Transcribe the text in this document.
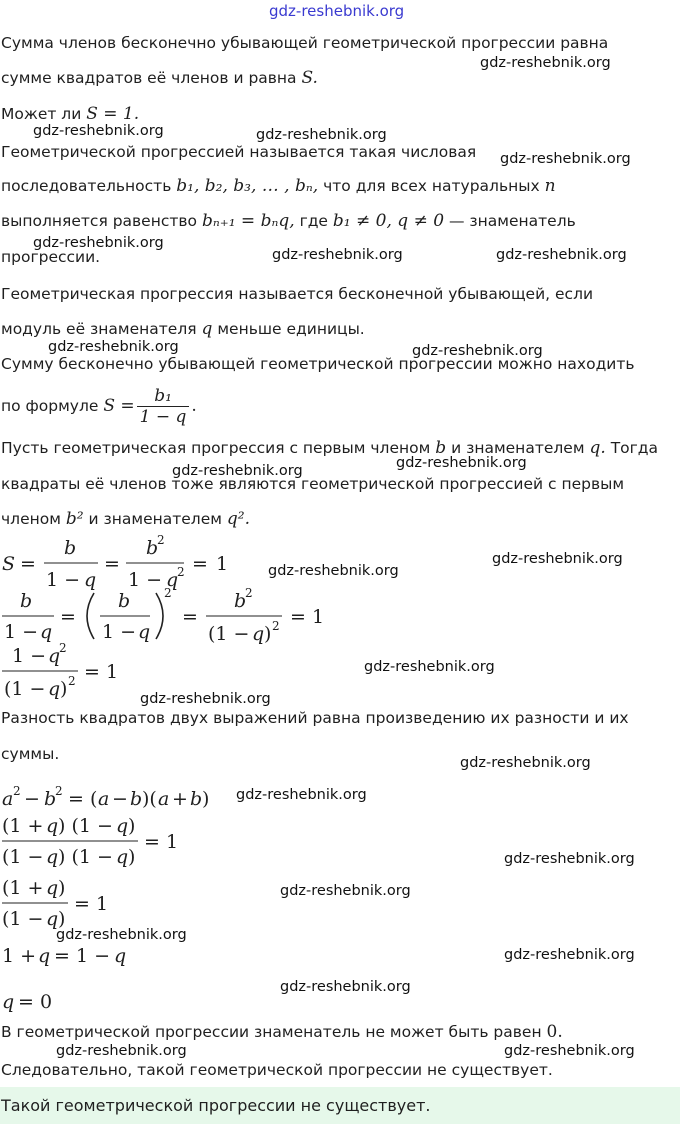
gdz-reshebnik.org
Сумма членов бесконечно убывающей геометрической прогрессии равна
сумме квадратов её членов и равна S.
Может ли S = 1.
Геометрической прогрессией называется такая числовая
последовательность b₁, b₂, b₃, … , bₙ, что для всех натуральных n
выполняется равенство bₙ₊₁ = bₙq, где b₁ ≠ 0, q ≠ 0 — знаменатель
прогрессии.
Геометрическая прогрессия называется бесконечной убывающей, если
модуль её знаменателя q меньше единицы.
Сумму бесконечно убывающей геометрической прогрессии можно находить
по формуле $S = \frac{\text{b₁}}{1 - q}$ .
Пусть геометрическая прогрессия с первым членом b и знаменателем q. Тогда
квадраты её членов тоже являются геометрической прогрессией с первым
членом b² и знаменателем q².
S =
b
1 − q
=
b
2
1 − q
2 = 1
b
1 − q
=
b
1 − q
2
=
b
2
(1 − q ) 2 = 1
1 − q
2
(1 − q ) 2 = 1
Разность квадратов двух выражений равна произведению их разности и их
суммы.
a 2 − b
2 = ( a − b )( a + b )
(1 + q ) (1 − q )
(1 − q ) (1 − q )
= 1
(1 + q )
(1 − q )
= 1
1 + q = 1 − q
q = 0
В геометрической прогрессии знаменатель не может быть равен 0.
Следовательно, такой геометрической прогрессии не существует.
Такой геометрической прогрессии не существует.
gdz-reshebnik.org
gdz-reshebnik.org	gdz-reshebnik.org
gdz-reshebnik.org
gdz-reshebnik.org
gdz-reshebnik.org	gdz-reshebnik.org
gdz-reshebnik.org	gdz-reshebnik.org
gdz-reshebnik.org
gdz-reshebnik.org
gdz-reshebnik.org
gdz-reshebnik.org
gdz-reshebnik.org
gdz-reshebnik.org
gdz-reshebnik.org
gdz-reshebnik.org
gdz-reshebnik.org
gdz-reshebnik.org
gdz-reshebnik.org
gdz-reshebnik.org
gdz-reshebnik.org
gdz-reshebnik.org	gdz-reshebnik.org
